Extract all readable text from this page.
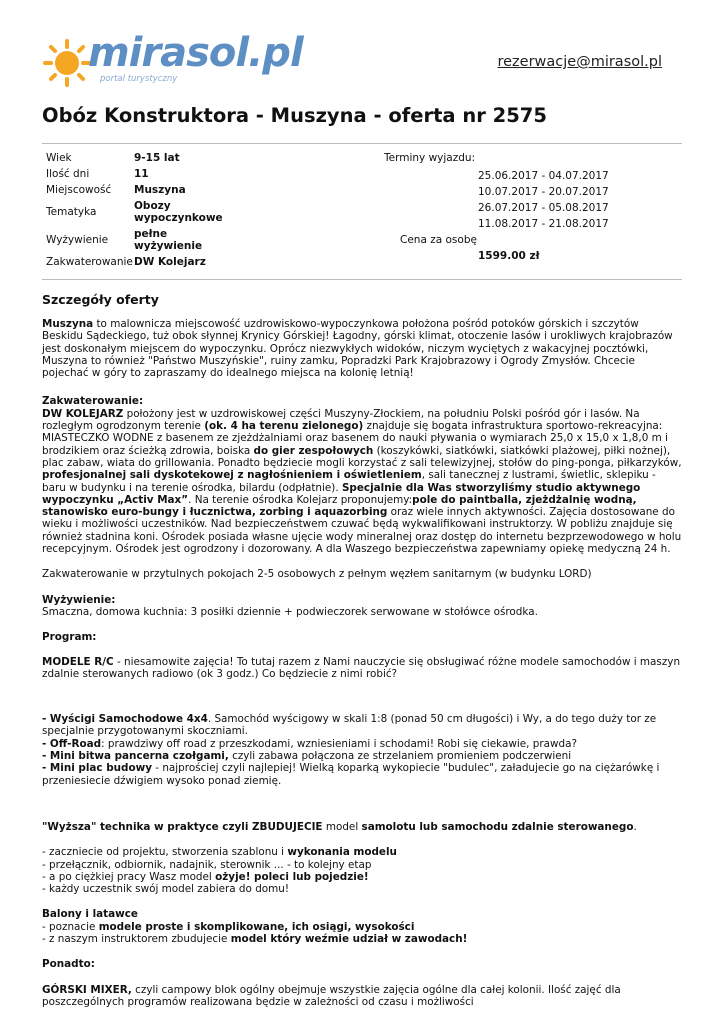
mirasol.pl
portal turystyczny
rezerwacje@mirasol.pl
Obóz Konstruktora - Muszyna - oferta nr 2575
Wiek	9-15 lat
Ilość dni	11
Miejscowość	Muszyna
Tematyka	Obozy wypoczynkowe
Wyżywienie	pełne wyżywienie
Zakwaterowanie DW Kolejarz
Terminy wyjazdu:
25.06.2017 - 04.07.2017
10.07.2017 - 20.07.2017
26.07.2017 - 05.08.2017
11.08.2017 - 21.08.2017
Cena za osobę
1599.00 zł
Szczegóły oferty

Muszyna to malownicza miejscowość uzdrowiskowo-wypoczynkowa położona pośród potoków górskich i szczytów Beskidu Sądeckiego, tuż obok słynnej Krynicy Górskiej! Łagodny, górski klimat, otoczenie lasów i urokliwych krajobrazów jest doskonałym miejscem do wypoczynku. Oprócz niezwykłych widoków, niczym wyciętych z wakacyjnej pocztówki, Muszyna to również "Państwo Muszyńskie", ruiny zamku, Popradzki Park Krajobrazowy i Ogrody Zmysłów. Chcecie pojechać w góry to zapraszamy do idealnego miejsca na kolonię letnią!

Zakwaterowanie:

DW KOLEJARZ położony jest w uzdrowiskowej części Muszyny-Złockiem, na południu Polski pośród gór i lasów. Na rozległym ogrodzonym terenie (ok. 4 ha terenu zielonego) znajduje się bogata infrastruktura sportowo-rekreacyjna: MIASTECZKO WODNE z basenem ze zjeżdżalniami oraz basenem do nauki pływania o wymiarach 25,0 x 15,0 x 1,8,0 m i brodzikiem oraz ścieżką zdrowia, boiska do gier zespołowych (koszykówki, siatkówki, siatkówki plażowej, piłki nożnej), plac zabaw, wiata do grillowania. Ponadto będziecie mogli korzystać z sali telewizyjnej, stołów do ping-ponga, piłkarzyków, profesjonalnej sali dyskotekowej z nagłośnieniem i oświetleniem, sali tanecznej z lustrami, świetlic, sklepiku - baru w budynku i na terenie ośrodka, bilardu (odpłatnie). Specjalnie dla Was stworzyliśmy studio aktywnego wypoczynku „Activ Max”. Na terenie ośrodka Kolejarz proponujemy:pole do paintballa, zjeżdżalnię wodną, stanowisko euro-bungy i łucznictwa, zorbing i aquazorbing oraz wiele innych aktywności. Zajęcia dostosowane do wieku i możliwości uczestników. Nad bezpieczeństwem czuwać będą wykwalifikowani instruktorzy. W pobliżu znajduje się również stadnina koni. Ośrodek posiada własne ujęcie wody mineralnej oraz dostęp do internetu bezprzewodowego w holu recepcyjnym. Ośrodek jest ogrodzony i dozorowany. A dla Waszego bezpieczeństwa zapewniamy opiekę medyczną 24 h.

Zakwaterowanie w przytulnych pokojach 2-5 osobowych z pełnym węzłem sanitarnym (w budynku LORD)

Wyżywienie:

Smaczna, domowa kuchnia: 3 posiłki dziennie + podwieczorek serwowane w stołówce ośrodka.

Program:

MODELE R/C - niesamowite zajęcia! To tutaj razem z Nami nauczycie się obsługiwać różne modele samochodów i maszyn zdalnie sterowanych radiowo (ok 3 godz.) Co będziecie z nimi robić?

- Wyścigi Samochodowe 4x4. Samochód wyścigowy w skali 1:8 (ponad 50 cm długości) i Wy, a do tego duży tor ze specjalnie przygotowanymi skoczniami.

- Off-Road: prawdziwy off road z przeszkodami, wzniesieniami i schodami! Robi się ciekawie, prawda?

- Mini bitwa pancerna czołgami, czyli zabawa połączona ze strzelaniem promieniem podczerwieni

- Mini plac budowy - najprościej czyli najlepiej! Wielką koparką wykopiecie "budulec", załadujecie go na ciężarówkę i przeniesiecie dźwigiem wysoko ponad ziemię.

"Wyższa" technika w praktyce czyli ZBUDUJECIE model samolotu lub samochodu zdalnie sterowanego.

- zaczniecie od projektu, stworzenia szablonu i wykonania modelu

- przełącznik, odbiornik, nadajnik, sterownik ... - to kolejny etap

- a po ciężkiej pracy Wasz model ożyje! poleci lub pojedzie!

- każdy uczestnik swój model zabiera do domu!

Balony i latawce

- poznacie modele proste i skomplikowane, ich osiągi, wysokości

- z naszym instruktorem zbudujecie model który weźmie udział w zawodach!

Ponadto:

GÓRSKI MIXER, czyli campowy blok ogólny obejmuje wszystkie zajęcia ogólne dla całej kolonii. Ilość zajęć dla poszczególnych programów realizowana będzie w zależności od czasu i możliwości
